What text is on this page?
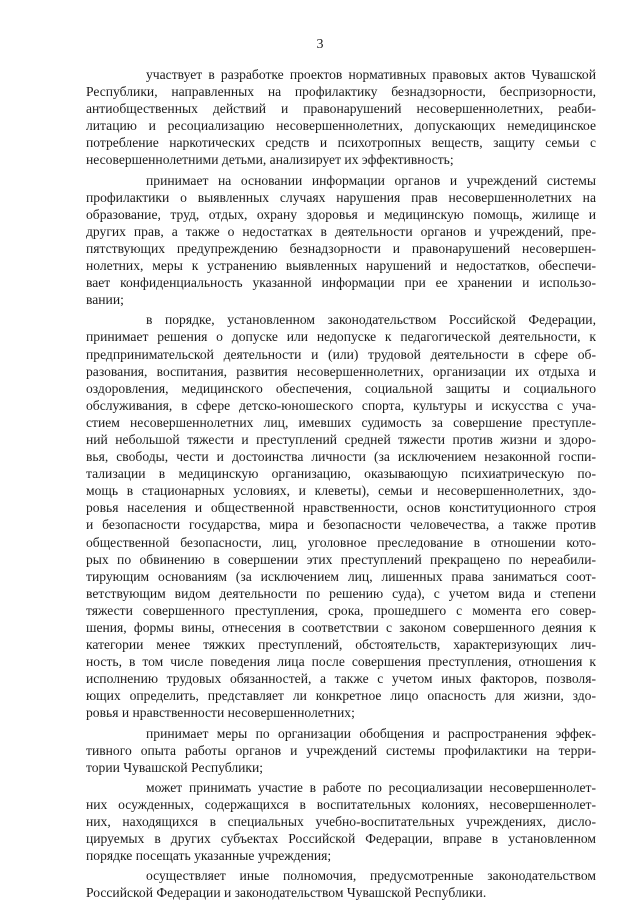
3

участвует в разработке проектов нормативных правовых актов Чувашской
Республики, направленных на профилактику безнадзорности, беспризорности,
антиобщественных действий и правонарушений несовершеннолетних, реаби-
литацию и ресоциализацию несовершеннолетних, допускающих немедицинское
потребление наркотических средств и психотропных веществ, защиту семьи с
несовершеннолетними детьми, анализирует их эффективность;

принимает на основании информации органов и учреждений системы
профилактики о выявленных случаях нарушения прав несовершеннолетних на
образование, труд, отдых, охрану здоровья и медицинскую помощь, жилище и
других прав, а также о недостатках в деятельности органов и учреждений, пре-
пятствующих предупреждению безнадзорности и правонарушений несовершен-
нолетних, меры к устранению выявленных нарушений и недостатков, обеспечи-
вает конфиденциальность указанной информации при ее хранении и использо-
вании;

в порядке, установленном законодательством Российской Федерации,
принимает решения о допуске или недопуске к педагогической деятельности, к
предпринимательской деятельности и (или) трудовой деятельности в сфере об-
разования, воспитания, развития несовершеннолетних, организации их отдыха и
оздоровления, медицинского обеспечения, социальной защиты и социального
обслуживания, в сфере детско-юношеского спорта, культуры и искусства с уча-
стием несовершеннолетних лиц, имевших судимость за совершение преступле-
ний небольшой тяжести и преступлений средней тяжести против жизни и здоро-
вья, свободы, чести и достоинства личности (за исключением незаконной госпи-
тализации в медицинскую организацию, оказывающую психиатрическую по-
мощь в стационарных условиях, и клеветы), семьи и несовершеннолетних, здо-
ровья населения и общественной нравственности, основ конституционного строя
и безопасности государства, мира и безопасности человечества, а также против
общественной безопасности, лиц, уголовное преследование в отношении кото-
рых по обвинению в совершении этих преступлений прекращено по нереабили-
тирующим основаниям (за исключением лиц, лишенных права заниматься соот-
ветствующим видом деятельности по решению суда), с учетом вида и степени
тяжести совершенного преступления, срока, прошедшего с момента его совер-
шения, формы вины, отнесения в соответствии с законом совершенного деяния к
категории менее тяжких преступлений, обстоятельств, характеризующих лич-
ность, в том числе поведения лица после совершения преступления, отношения к
исполнению трудовых обязанностей, а также с учетом иных факторов, позволя-
ющих определить, представляет ли конкретное лицо опасность для жизни, здо-
ровья и нравственности несовершеннолетних;

принимает меры по организации обобщения и распространения эффек-
тивного опыта работы органов и учреждений системы профилактики на терри-
тории Чувашской Республики;

может принимать участие в работе по ресоциализации несовершеннолет-
них осужденных, содержащихся в воспитательных колониях, несовершеннолет-
них, находящихся в специальных учебно-воспитательных учреждениях, дисло-
цируемых в других субъектах Российской Федерации, вправе в установленном
порядке посещать указанные учреждения;

осуществляет иные полномочия, предусмотренные законодательством
Российской Федерации и законодательством Чувашской Республики.
